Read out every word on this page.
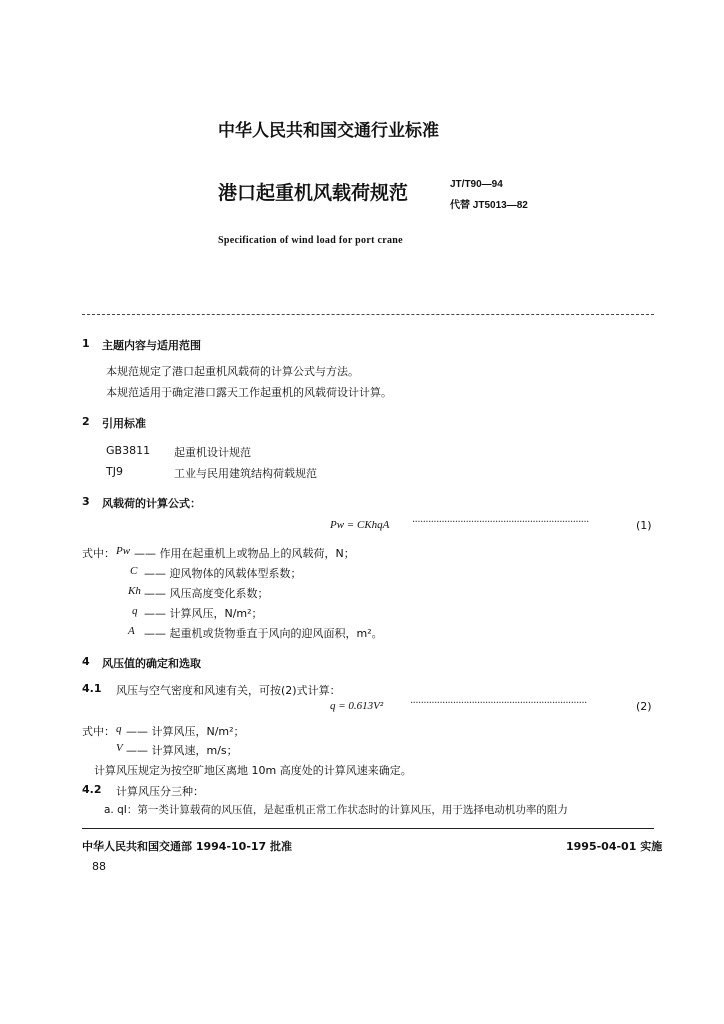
中华人民共和国交通行业标准
港口起重机风载荷规范	JT/T90—94
代替 JT5013—82
Specification of wind load for port crane
1 主题内容与适用范围
本规范规定了港口起重机风载荷的计算公式与方法。
本规范适用于确定港口露天工作起重机的风载荷设计计算。
2 引用标准
GB3811 起重机设计规范
TJ9	工业与民用建筑结构荷载规范
3 风载荷的计算公式：
Pw = CKhqA ··································································	(1)
式中： Pw —— 作用在起重机上或物品上的风载荷，N；
C —— 迎风物体的风载体型系数；
Kh —— 风压高度变化系数；
q —— 计算风压，N/m²；
A —— 起重机或货物垂直于风向的迎风面积，m²。
4 风压值的确定和选取
4.1 风压与空气密度和风速有关，可按(2)式计算：
q = 0.613V²	··································································	(2)
式中： q —— 计算风压，N/m²；
V —— 计算风速，m/s；
计算风压规定为按空旷地区离地 10m 高度处的计算风速来确定。
4.2 计算风压分三种：
a. qⅠ：第一类计算载荷的风压值，是起重机正常工作状态时的计算风压，用于选择电动机功率的阻力
中华人民共和国交通部 1994-10-17 批准	1995-04-01 实施
88
